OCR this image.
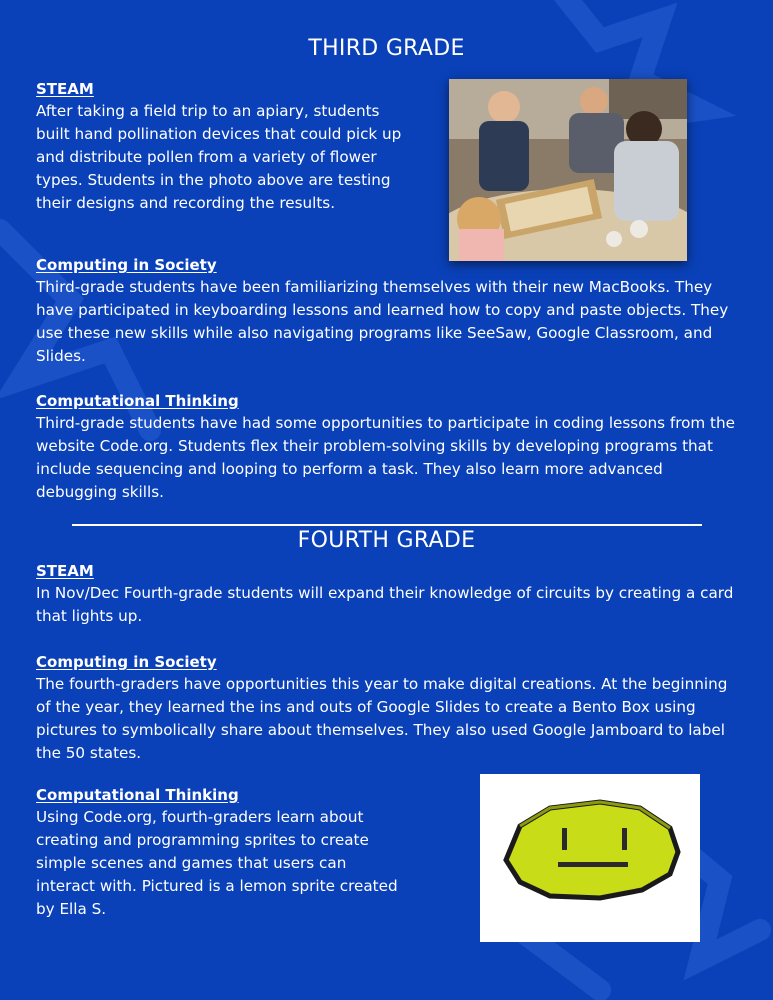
THIRD GRADE
STEAM

After taking a field trip to an apiary, students built hand pollination devices that could pick up and distribute pollen from a variety of flower types. Students in the photo above are testing their designs and recording the results.

Computing in Society

Third-grade students have been familiarizing themselves with their new MacBooks. They have participated in keyboarding lessons and learned how to copy and paste objects. They use these new skills while also navigating programs like SeeSaw, Google Classroom, and Slides.

Computational Thinking

Third-grade students have had some opportunities to participate in coding lessons from the website Code.org. Students flex their problem-solving skills by developing programs that include sequencing and looping to perform a task. They also learn more advanced debugging skills.

FOURTH GRADE
STEAM

In Nov/Dec Fourth-grade students will expand their knowledge of circuits by creating a card that lights up.

Computing in Society

The fourth-graders have opportunities this year to make digital creations. At the beginning of the year, they learned the ins and outs of Google Slides to create a Bento Box using pictures to symbolically share about themselves. They also used Google Jamboard to label the 50 states.

Computational Thinking

Using Code.org, fourth-graders learn about creating and programming sprites to create simple scenes and games that users can interact with. Pictured is a lemon sprite created by Ella S.
